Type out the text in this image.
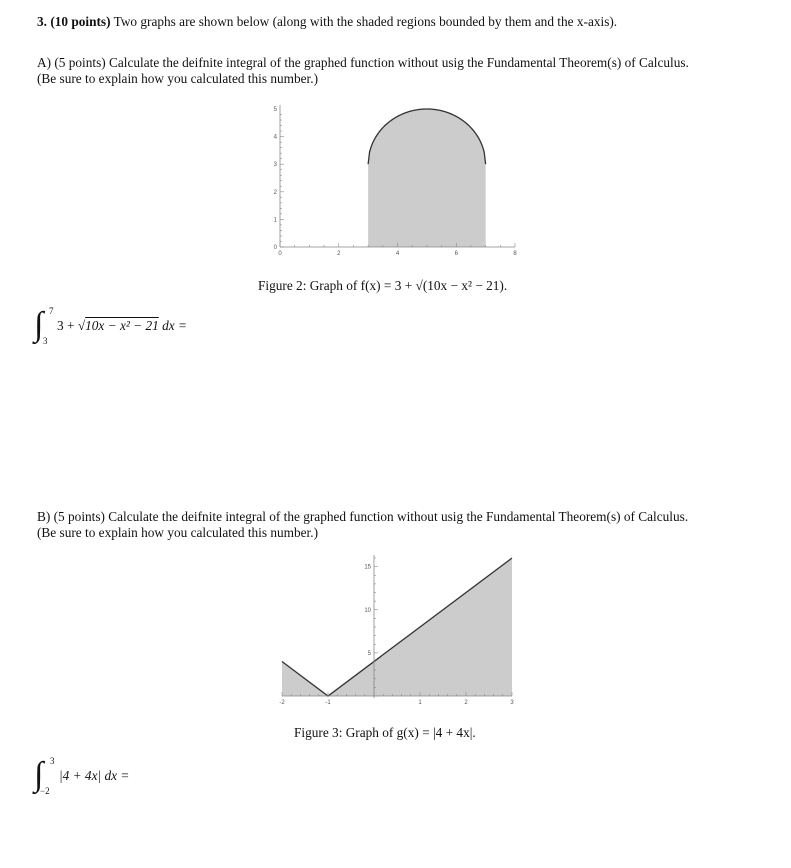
3. (10 points) Two graphs are shown below (along with the shaded regions bounded by them and the x-axis).
A) (5 points) Calculate the deifnite integral of the graphed function without usig the Fundamental Theorem(s) of Calculus.
(Be sure to explain how you calculated this number.)
0	2	4	6	8
0
1
2
3
4
5
Figure 2: Graph of f(x) = 3 + √(10x − x² − 21).
∫ 7
3
3 + √10x − x² − 21 dx =
B) (5 points) Calculate the deifnite integral of the graphed function without usig the Fundamental Theorem(s) of Calculus.
(Be sure to explain how you calculated this number.)
-2	-1	1	2	3
5
10
15
Figure 3: Graph of g(x) = |4 + 4x|.
∫ 3
−2
|4 + 4x| dx =
